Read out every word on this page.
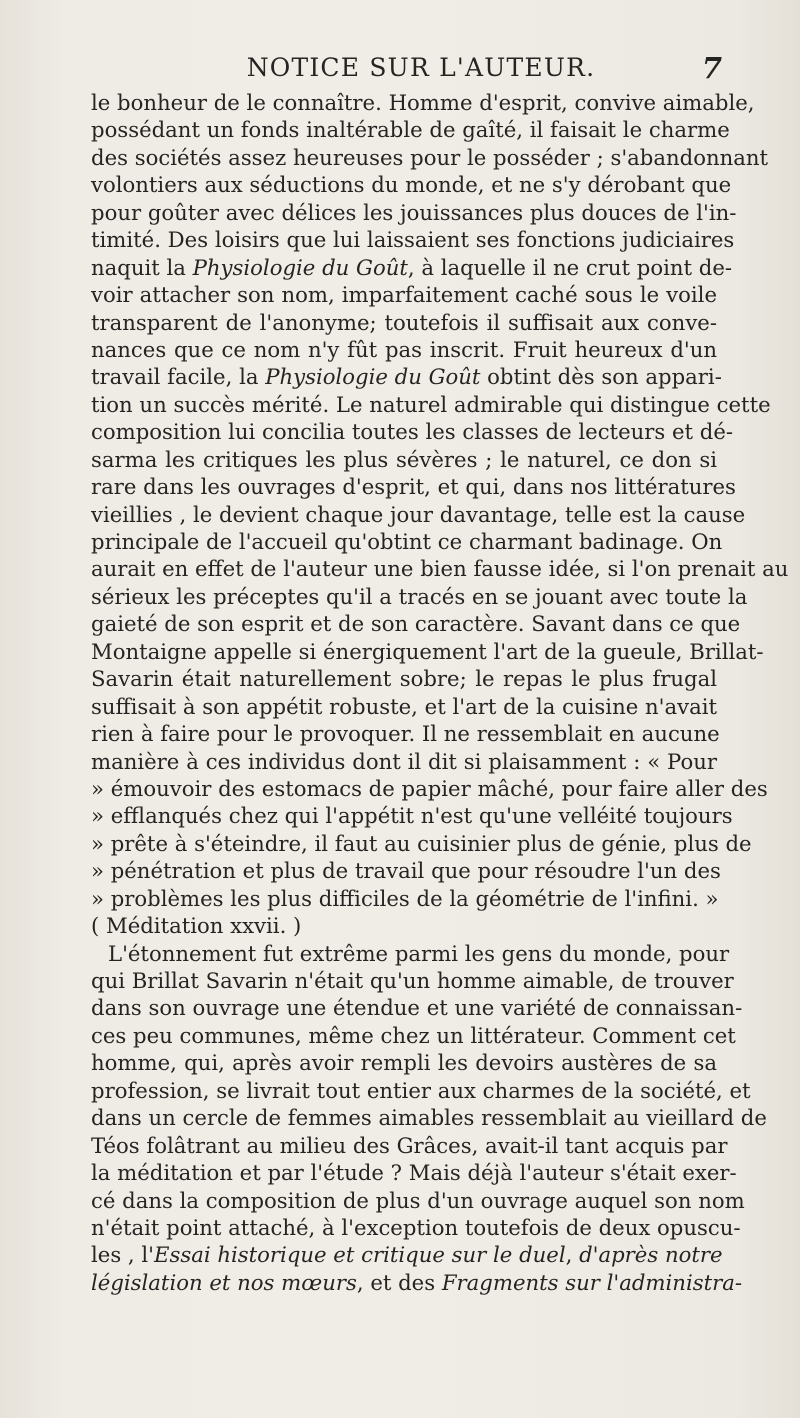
NOTICE SUR L'AUTEUR.	7
le bonheur de le connaître. Homme d'esprit, convive aimable,
possédant un fonds inaltérable de gaîté, il faisait le charme
des sociétés assez heureuses pour le posséder ; s'abandonnant
volontiers aux séductions du monde, et ne s'y dérobant que
pour goûter avec délices les jouissances plus douces de l'in-
timité. Des loisirs que lui laissaient ses fonctions judiciaires
naquit la Physiologie du Goût, à laquelle il ne crut point de-
voir attacher son nom, imparfaitement caché sous le voile
transparent de l'anonyme; toutefois il suffisait aux conve-
nances que ce nom n'y fût pas inscrit. Fruit heureux d'un
travail facile, la Physiologie du Goût obtint dès son appari-
tion un succès mérité. Le naturel admirable qui distingue cette
composition lui concilia toutes les classes de lecteurs et dé-
sarma les critiques les plus sévères ; le naturel, ce don si
rare dans les ouvrages d'esprit, et qui, dans nos littératures
vieillies , le devient chaque jour davantage, telle est la cause
principale de l'accueil qu'obtint ce charmant badinage. On
aurait en effet de l'auteur une bien fausse idée, si l'on prenait au
sérieux les préceptes qu'il a tracés en se jouant avec toute la
gaieté de son esprit et de son caractère. Savant dans ce que
Montaigne appelle si énergiquement l'art de la gueule, Brillat-
Savarin était naturellement sobre; le repas le plus frugal
suffisait à son appétit robuste, et l'art de la cuisine n'avait
rien à faire pour le provoquer. Il ne ressemblait en aucune
manière à ces individus dont il dit si plaisamment : « Pour
» émouvoir des estomacs de papier mâché, pour faire aller des
» efflanqués chez qui l'appétit n'est qu'une velléité toujours
» prête à s'éteindre, il faut au cuisinier plus de génie, plus de
» pénétration et plus de travail que pour résoudre l'un des
» problèmes les plus difficiles de la géométrie de l'infini. »
( Méditation xxvii. )
L'étonnement fut extrême parmi les gens du monde, pour
qui Brillat Savarin n'était qu'un homme aimable, de trouver
dans son ouvrage une étendue et une variété de connaissan-
ces peu communes, même chez un littérateur. Comment cet
homme, qui, après avoir rempli les devoirs austères de sa
profession, se livrait tout entier aux charmes de la société, et
dans un cercle de femmes aimables ressemblait au vieillard de
Téos folâtrant au milieu des Grâces, avait-il tant acquis par
la méditation et par l'étude ? Mais déjà l'auteur s'était exer-
cé dans la composition de plus d'un ouvrage auquel son nom
n'était point attaché, à l'exception toutefois de deux opuscu-
les , l'Essai historique et critique sur le duel, d'après notre
législation et nos mœurs, et des Fragments sur l'administra-
